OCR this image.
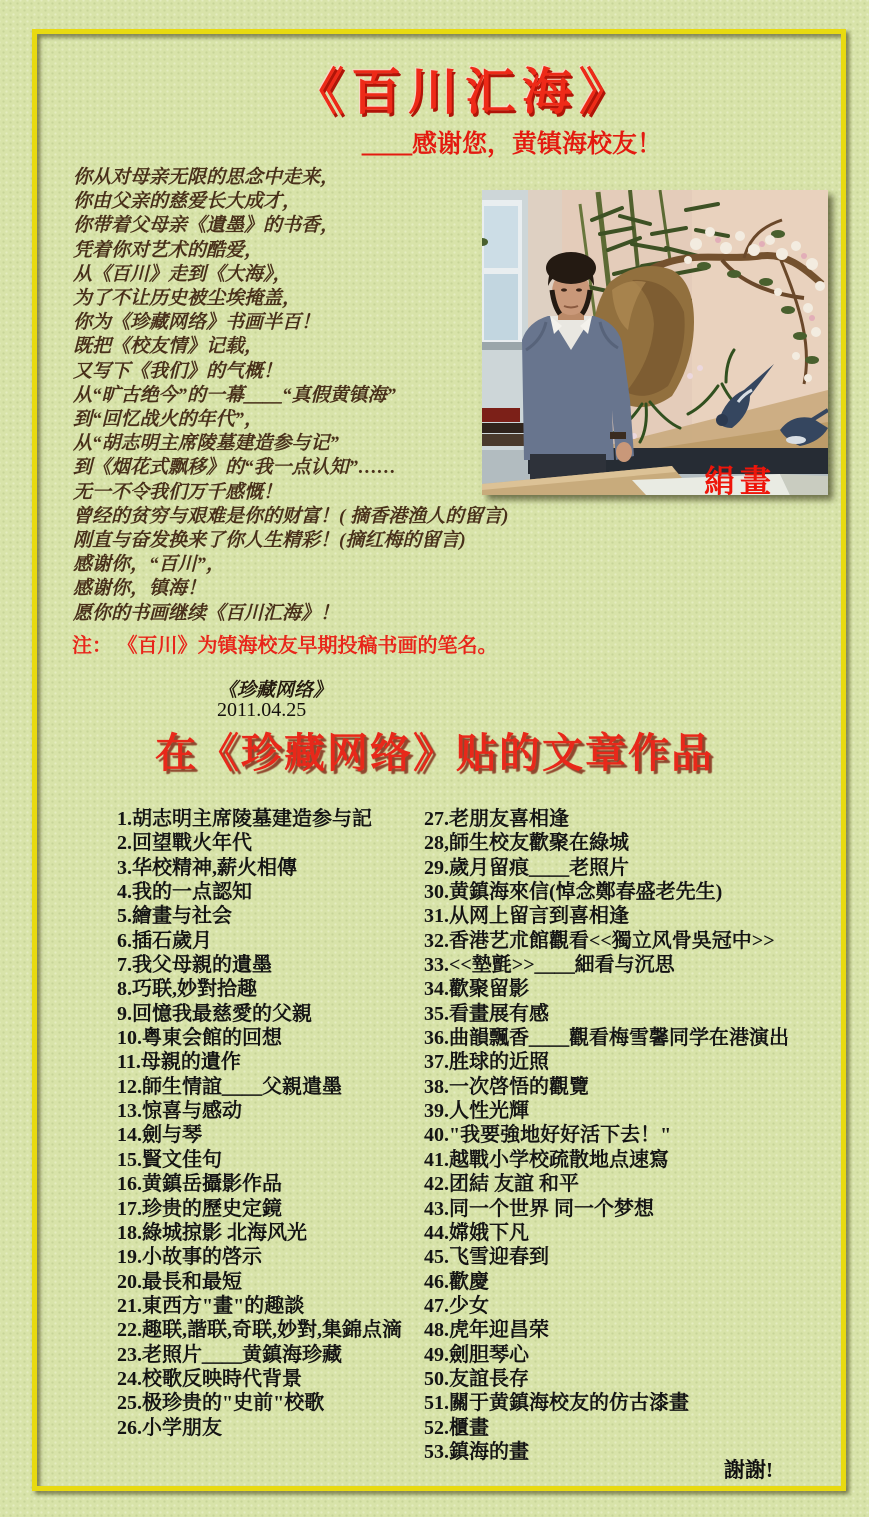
《百川汇海》
＿＿感谢您，黄镇海校友！
絹畫
你从对母亲无限的思念中走来，
你由父亲的慈爱长大成才，
你带着父母亲《遺墨》的书香，
凭着你对艺术的酷爱，
从《百川》走到《大海》，
为了不让历史被尘埃掩盖，
你为《珍藏网络》书画半百！
既把《校友情》记载，
又写下《我们》的气概！
从“旷古绝今”的一幕＿＿“真假黄镇海”
到“回忆战火的年代”，
从“胡志明主席陵墓建造参与记”
到《烟花式飘移》的“我一点认知”……
无一不令我们万千感慨！
曾经的贫穷与艰难是你的财富！( 摘香港渔人的留言)
刚直与奋发换来了你人生精彩！(摘红梅的留言)
感谢你，“百川”，
感谢你，镇海！
愿你的书画继续《百川汇海》！
注： 《百川》为镇海校友早期投稿书画的笔名。
《珍藏网络》
2011.04.25
在《珍藏网络》贴的文章作品
1.胡志明主席陵墓建造参与記
2.回望戰火年代
3.华校精神,薪火相傳
4.我的一点認知
5.繪畫与社会
6.插石歲月
7.我父母親的遺墨
8.巧联,妙對拾趣
9.回憶我最慈愛的父親
10.粤東会館的回想
11.母親的遺作
12.師生情誼＿＿父親遣墨
13.惊喜与感动
14.劍与琴
15.賢文佳句
16.黄鎮岳攝影作品
17.珍贵的歷史定鏡
18.綠城掠影 北海风光
19.小故事的啓示
20.最長和最短
21.東西方"畫"的趣談
22.趣联,諧联,奇联,妙對,集錦点滴
23.老照片＿＿黄鎮海珍藏
24.校歌反映時代背景
25.极珍贵的"史前"校歌
26.小学朋友
27.老朋友喜相逢
28,師生校友歡聚在綠城
29.歲月留痕＿＿老照片
30.黄鎮海來信(悼念鄭春盛老先生)
31.从网上留言到喜相逢
32.香港艺朮館觀看<<獨立风骨吳冠中>>
33.<<墊氈>>＿＿細看与沉思
34.歡聚留影
35.看畫展有感
36.曲韻飄香＿＿觀看梅雪馨同学在港演出
37.胜球的近照
38.一次啓悟的觀覽
39.人性光輝
40."我要強地好好活下去！"
41.越戰小学校疏散地点速寫
42.团結 友誼 和平
43.同一个世界 同一个梦想
44.嫦娥下凡
45.飞雪迎春到
46.歡慶
47.少女
48.虎年迎昌荣
49.劍胆琴心
50.友誼長存
51.關于黄鎮海校友的仿古漆畫
52.櫃畫
53.鎮海的畫
謝謝!
